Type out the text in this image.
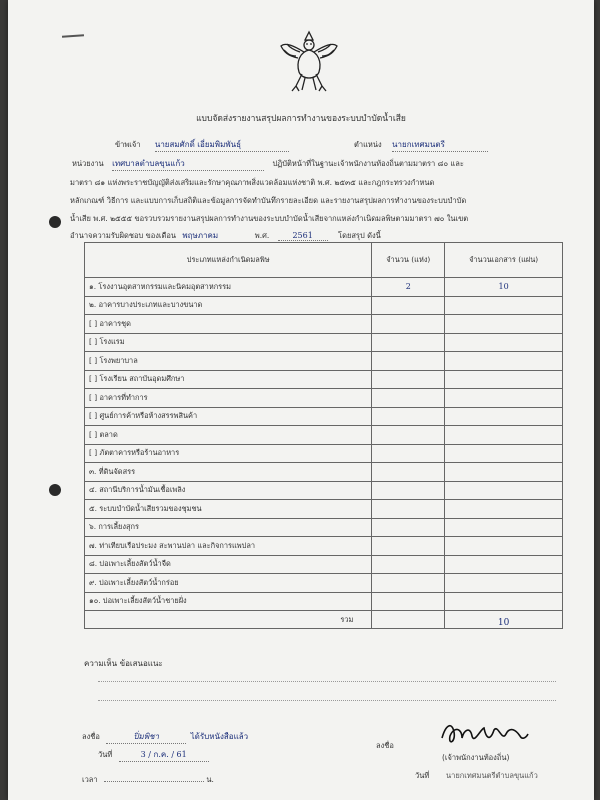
แบบจัดส่งรายงานสรุปผลการทำงานของระบบบำบัดน้ำเสีย
ข้าพเจ้า นายสมศักดิ์ เอี่ยมพิมพันธุ์	ตำแหน่ง นายกเทศมนตรี
หน่วยงาน เทศบาลตำบลขุนแก้ว	ปฏิบัติหน้าที่ในฐานะเจ้าพนักงานท้องถิ่นตามมาตรา ๘๐ และ
มาตรา ๘๑ แห่งพระราชบัญญัติส่งเสริมและรักษาคุณภาพสิ่งแวดล้อมแห่งชาติ พ.ศ. ๒๕๓๕ และกฎกระทรวงกำหนด
หลักเกณฑ์ วิธีการ และแบบการเก็บสถิติและข้อมูลการจัดทำบันทึกรายละเอียด และรายงานสรุปผลการทำงานของระบบบำบัด
น้ำเสีย พ.ศ. ๒๕๕๕ ขอรวบรวมรายงานสรุปผลการทำงานของระบบบำบัดน้ำเสียจากแหล่งกำเนิดมลพิษตามมาตรา ๗๐ ในเขต
อำนาจความรับผิดชอบ ของเดือน พฤษภาคม	พ.ศ.	2561	โดยสรุป ดังนี้
ประเภทแหล่งกำเนิดมลพิษ	จำนวน (แห่ง)	จำนวนเอกสาร (แผ่น)
๑. โรงงานอุตสาหกรรมและนิคมอุตสาหกรรม	2	10
๒. อาคารบางประเภทและบางขนาด		
[ ] อาคารชุด		
[ ] โรงแรม		
[ ] โรงพยาบาล		
[ ] โรงเรียน สถาบันอุดมศึกษา		
[ ] อาคารที่ทำการ		
[ ] ศูนย์การค้าหรือห้างสรรพสินค้า		
[ ] ตลาด		
[ ] ภัตตาคารหรือร้านอาหาร		
๓. ที่ดินจัดสรร		
๔. สถานีบริการน้ำมันเชื้อเพลิง		
๕. ระบบบำบัดน้ำเสียรวมของชุมชน		
๖. การเลี้ยงสุกร		
๗. ท่าเทียบเรือประมง สะพานปลา และกิจการแพปลา		
๘. บ่อเพาะเลี้ยงสัตว์น้ำจืด		
๙. บ่อเพาะเลี้ยงสัตว์น้ำกร่อย		
๑๐. บ่อเพาะเลี้ยงสัตว์น้ำชายฝั่ง		
รวม		10
ความเห็น ข้อเสนอแนะ
ลงชื่อ	ปิ่มพิชา	ได้รับหนังสือแล้ว
วันที่	3 / ก.ค. / 61
เวลา	น.
ลงชื่อ
(เจ้าพนักงานท้องถิ่น)
วันที่ นายกเทศมนตรีตำบลขุนแก้ว
